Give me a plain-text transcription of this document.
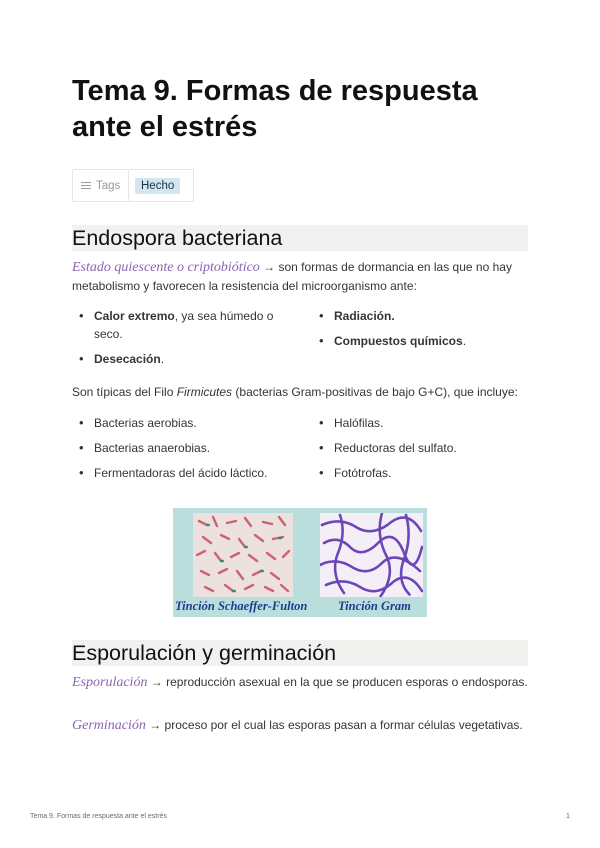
Tema 9. Formas de respuesta ante el estrés
Tags	Hecho
Endospora bacteriana

Estado quiescente o criptobiótico → son formas de dormancia en las que no hay metabolismo y favorecen la resistencia del microorganismo ante:

• Calor extremo, ya sea húmedo o seco.
• Desecación.
• Radiación.
• Compuestos químicos.

Son típicas del Filo Firmicutes (bacterias Gram-positivas de bajo G+C), que incluye:

• Bacterias aerobias.
• Bacterias anaerobias.
• Fermentadoras del ácido láctico.
• Halófilas.
• Reductoras del sulfato.
• Fotótrofas.
Tinción Schaeffer-Fulton Tinción Gram
Esporulación y germinación

Esporulación → reproducción asexual en la que se producen esporas o endosporas.

Germinación → proceso por el cual las esporas pasan a formar células vegetativas.

Tema 9. Formas de respuesta ante el estrés	1
